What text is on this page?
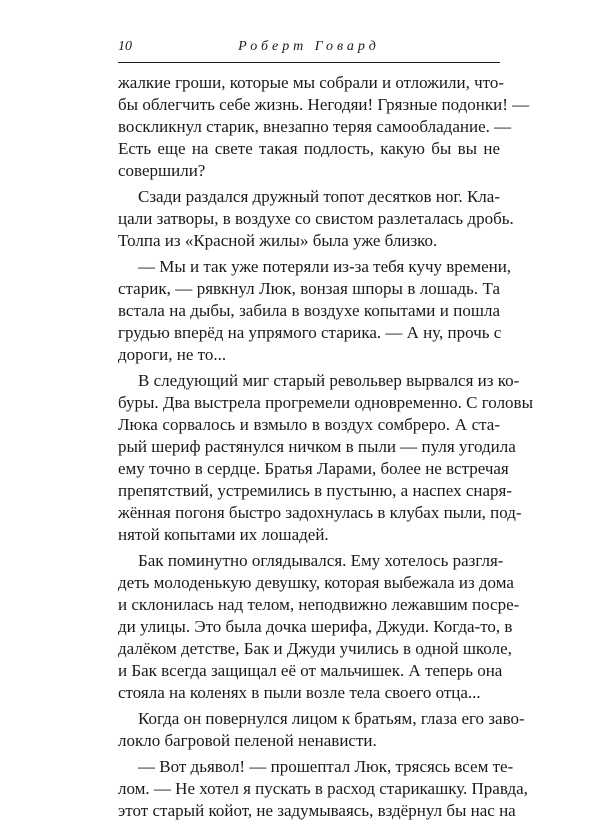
10	Роберт Говард
жалкие гроши, которые мы собрали и отложили, что-
бы облегчить себе жизнь. Негодяи! Грязные подонки! —
воскликнул старик, внезапно теряя самообладание. —
Есть еще на свете такая подлость, какую бы вы не
совершили?
Сзади раздался дружный топот десятков ног. Кла-
цали затворы, в воздухе со свистом разлеталась дробь.
Толпа из «Красной жилы» была уже близко.
— Мы и так уже потеряли из-за тебя кучу времени,
старик, — рявкнул Люк, вонзая шпоры в лошадь. Та
встала на дыбы, забила в воздухе копытами и пошла
грудью вперёд на упрямого старика. — А ну, прочь с
дороги, не то...
В следующий миг старый револьвер вырвался из ко-
буры. Два выстрела прогремели одновременно. С головы
Люка сорвалось и взмыло в воздух сомбреро. А ста-
рый шериф растянулся ничком в пыли — пуля угодила
ему точно в сердце. Братья Ларами, более не встречая
препятствий, устремились в пустыню, а наспех снаря-
жённая погоня быстро задохнулась в клубах пыли, под-
нятой копытами их лошадей.
Бак поминутно оглядывался. Ему хотелось разгля-
деть молоденькую девушку, которая выбежала из дома
и склонилась над телом, неподвижно лежавшим посре-
ди улицы. Это была дочка шерифа, Джуди. Когда-то, в
далёком детстве, Бак и Джуди учились в одной школе,
и Бак всегда защищал её от мальчишек. А теперь она
стояла на коленях в пыли возле тела своего отца...
Когда он повернулся лицом к братьям, глаза его заво-
локло багровой пеленой ненависти.
— Вот дьявол! — прошептал Люк, трясясь всем те-
лом. — Не хотел я пускать в расход старикашку. Правда,
этот старый койот, не задумываясь, вздёрнул бы нас на
